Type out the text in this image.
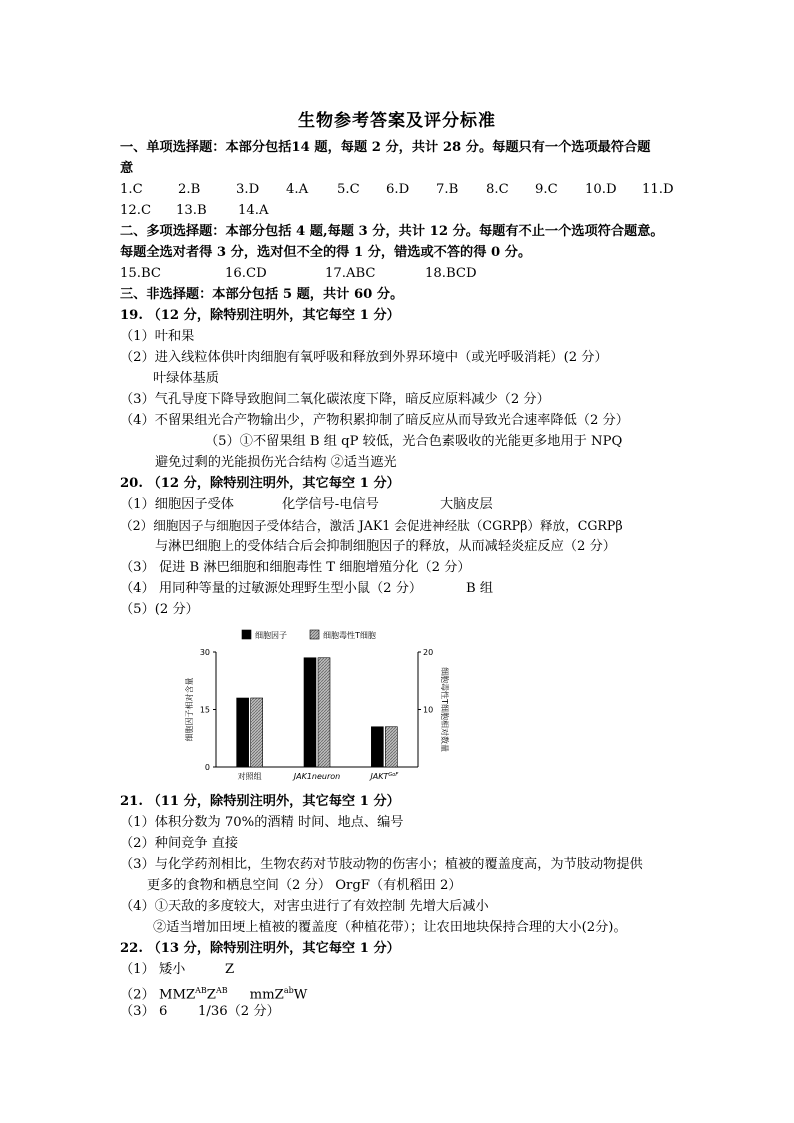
生物参考答案及评分标准
一、单项选择题：本部分包括14 题，每题 2 分，共计 28 分。每题只有一个选项最符合题
意
1.C	2.B	3.D 4.A 5.C 6.D 7.B 8.C 9.C 10.D 11.D
12.C 13.B 14.A
二、多项选择题：本部分包括 4 题,每题 3 分，共计 12 分。每题有不止一个选项符合题意。
每题全选对者得 3 分，选对但不全的得 1 分，错选或不答的得 0 分。
15.BC	16.CD	17.ABC	18.BCD
三、非选择题：本部分包括 5 题，共计 60 分。
19. （12 分，除特别注明外，其它每空 1 分）
（1）叶和果
（2）进入线粒体供叶肉细胞有氧呼吸和释放到外界环境中（或光呼吸消耗）(2 分）
叶绿体基质
（3）气孔导度下降导致胞间二氧化碳浓度下降，暗反应原料减少（2 分）
（4）不留果组光合产物输出少，产物积累抑制了暗反应从而导致光合速率降低（2 分）
（5）①不留果组 B 组 qP 较低，光合色素吸收的光能更多地用于 NPQ
避免过剩的光能损伤光合结构 ②适当遮光
20. （12 分，除特别注明外，其它每空 1 分）
（1）细胞因子受体	化学信号-电信号	大脑皮层
（2）细胞因子与细胞因子受体结合，激活 JAK1 会促进神经肽（CGRPβ）释放，CGRPβ
与淋巴细胞上的受体结合后会抑制细胞因子的释放，从而减轻炎症反应（2 分）
（3） 促进 B 淋巴细胞和细胞毒性 T 细胞增殖分化（2 分）
（4） 用同种等量的过敏源处理野生型小鼠（2 分）	B 组
（5）(2 分）
0
15
30
10
20
细胞因子相对含量	细胞毒性T细胞相对数量
对照组	JAK1neuron	$JAKT^{GoF}$
细胞因子	细胞毒性T细胞
21. （11 分，除特别注明外，其它每空 1 分）
（1）体积分数为 70%的酒精 时间、地点、编号
（2）种间竞争 直接
（3）与化学药剂相比，生物农药对节肢动物的伤害小；植被的覆盖度高，为节肢动物提供
更多的食物和栖息空间（2 分） OrgF（有机稻田 2）
（4）①天敌的多度较大，对害虫进行了有效控制 先增大后减小
②适当增加田埂上植被的覆盖度（种植花带）；让农田地块保持合理的大小(2分)。
22. （13 分，除特别注明外，其它每空 1 分）
（1） 矮小	Z
（2） $MMZ^{AB}Z^{AB}$ mmZ$^{ab}$W
（3） 6 1/36（2 分）
